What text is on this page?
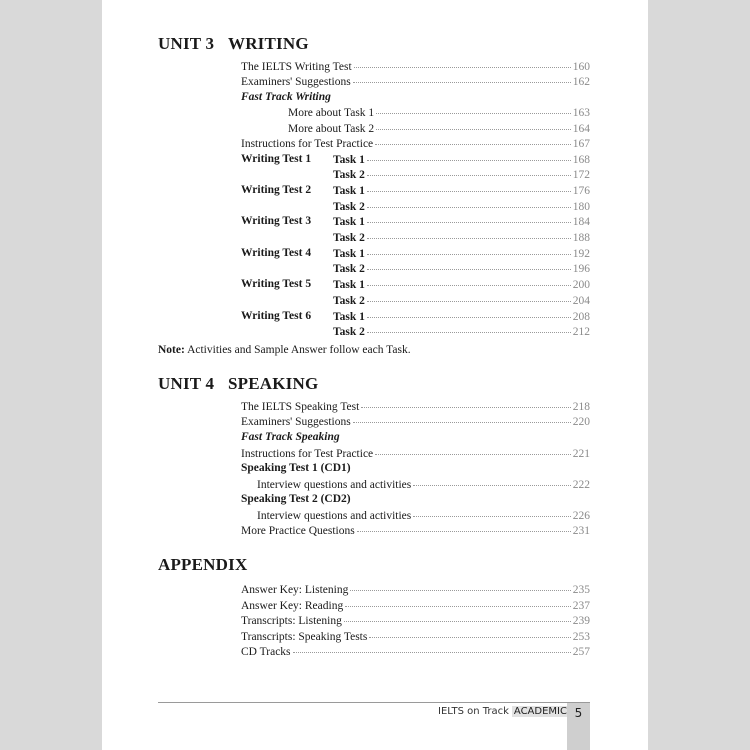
UNIT 3 WRITING
The IELTS Writing Test	160
Examiners' Suggestions	162
Fast Track Writing
More about Task 1	163
More about Task 2	164
Instructions for Test Practice	167
Writing Test 1 Task 1	168
Task 2	172
Writing Test 2 Task 1	176
Task 2	180
Writing Test 3 Task 1	184
Task 2	188
Writing Test 4 Task 1	192
Task 2	196
Writing Test 5 Task 1	200
Task 2	204
Writing Test 6 Task 1	208
Task 2	212
Note: Activities and Sample Answer follow each Task.
UNIT 4 SPEAKING
The IELTS Speaking Test	218
Examiners' Suggestions	220
Fast Track Speaking
Instructions for Test Practice	221
Speaking Test 1 (CD1)
Interview questions and activities	222
Speaking Test 2 (CD2)
Interview questions and activities	226
More Practice Questions	231
APPENDIX
Answer Key: Listening	235
Answer Key: Reading	237
Transcripts: Listening	239
Transcripts: Speaking Tests	253
CD Tracks	257
IELTS on Track ACADEMIC 5
